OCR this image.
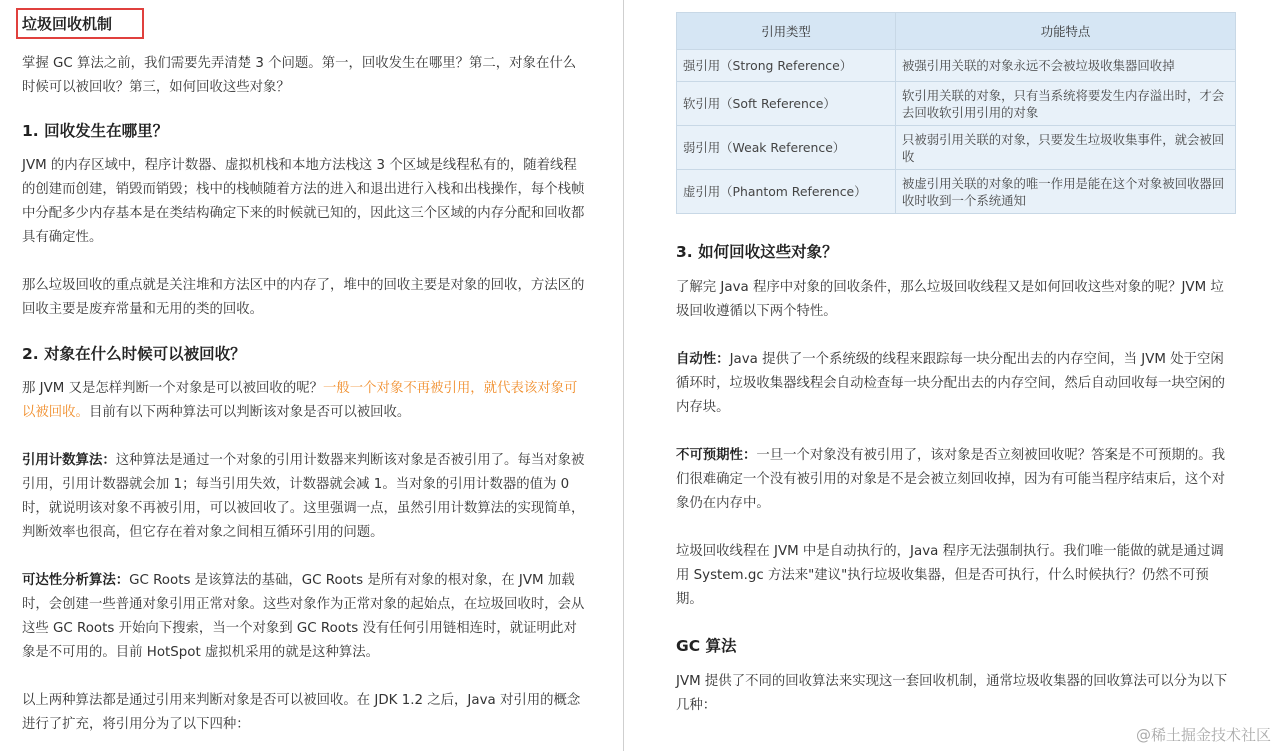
垃圾回收机制

掌握 GC 算法之前，我们需要先弄清楚 3 个问题。第一，回收发生在哪里？第二，对象在什么时候可以被回收？第三，如何回收这些对象？

1. 回收发生在哪里？

JVM 的内存区域中，程序计数器、虚拟机栈和本地方法栈这 3 个区域是线程私有的，随着线程的创建而创建，销毁而销毁；栈中的栈帧随着方法的进入和退出进行入栈和出栈操作，每个栈帧中分配多少内存基本是在类结构确定下来的时候就已知的，因此这三个区域的内存分配和回收都具有确定性。

那么垃圾回收的重点就是关注堆和方法区中的内存了，堆中的回收主要是对象的回收，方法区的回收主要是废弃常量和无用的类的回收。

2. 对象在什么时候可以被回收？

那 JVM 又是怎样判断一个对象是可以被回收的呢？一般一个对象不再被引用，就代表该对象可以被回收。目前有以下两种算法可以判断该对象是否可以被回收。

引用计数算法：这种算法是通过一个对象的引用计数器来判断该对象是否被引用了。每当对象被引用，引用计数器就会加 1；每当引用失效，计数器就会减 1。当对象的引用计数器的值为 0 时，就说明该对象不再被引用，可以被回收了。这里强调一点，虽然引用计数算法的实现简单，判断效率也很高，但它存在着对象之间相互循环引用的问题。

可达性分析算法：GC Roots 是该算法的基础，GC Roots 是所有对象的根对象，在 JVM 加载时，会创建一些普通对象引用正常对象。这些对象作为正常对象的起始点，在垃圾回收时，会从这些 GC Roots 开始向下搜索，当一个对象到 GC Roots 没有任何引用链相连时，就证明此对象是不可用的。目前 HotSpot 虚拟机采用的就是这种算法。

以上两种算法都是通过引用来判断对象是否可以被回收。在 JDK 1.2 之后，Java 对引用的概念进行了扩充，将引用分为了以下四种：

引用类型	功能特点
强引用（Strong Reference）	被强引用关联的对象永远不会被垃圾收集器回收掉
软引用（Soft Reference）	软引用关联的对象，只有当系统将要发生内存溢出时，才会去回收软引用引用的对象
弱引用（Weak Reference）	只被弱引用关联的对象，只要发生垃圾收集事件，就会被回收
虚引用（Phantom Reference）	被虚引用关联的对象的唯一作用是能在这个对象被回收器回收时收到一个系统通知
3. 如何回收这些对象？

了解完 Java 程序中对象的回收条件，那么垃圾回收线程又是如何回收这些对象的呢？JVM 垃圾回收遵循以下两个特性。

自动性：Java 提供了一个系统级的线程来跟踪每一块分配出去的内存空间，当 JVM 处于空闲循环时，垃圾收集器线程会自动检查每一块分配出去的内存空间，然后自动回收每一块空闲的内存块。

不可预期性：一旦一个对象没有被引用了，该对象是否立刻被回收呢？答案是不可预期的。我们很难确定一个没有被引用的对象是不是会被立刻回收掉，因为有可能当程序结束后，这个对象仍在内存中。

垃圾回收线程在 JVM 中是自动执行的，Java 程序无法强制执行。我们唯一能做的就是通过调用 System.gc 方法来"建议"执行垃圾收集器，但是否可执行，什么时候执行？仍然不可预期。

GC 算法

JVM 提供了不同的回收算法来实现这一套回收机制，通常垃圾收集器的回收算法可以分为以下几种：

@稀土掘金技术社区
